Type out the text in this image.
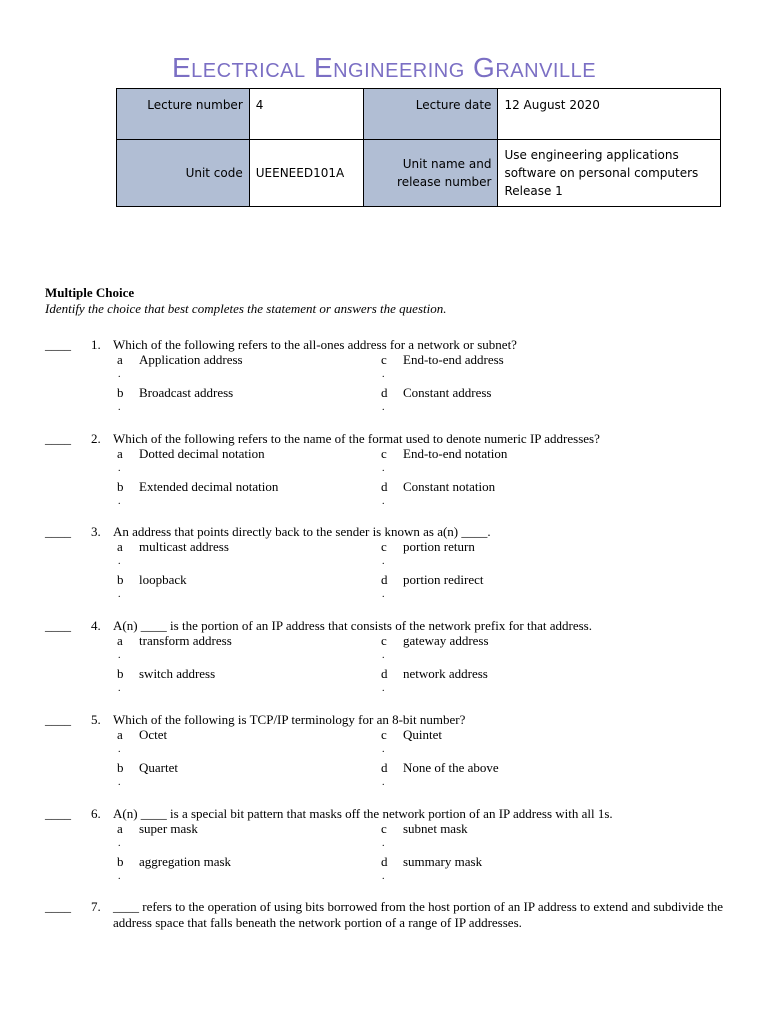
Electrical Engineering Granville
Lecture number	4	Lecture date	12 August 2020
Unit code	UEENEED101A	Unit name and release number	Use engineering applications software on personal computers Release 1
Multiple Choice
Identify the choice that best completes the statement or answers the question.
____ 1. Which of the following refers to the all-ones address for a network or subnet?
a
.
Application address
b
.
Broadcast address
c
.
End-to-end address
d
.
Constant address
____ 2. Which of the following refers to the name of the format used to denote numeric IP addresses?
a
.
Dotted decimal notation
b
.
Extended decimal notation
c
.
End-to-end notation
d
.
Constant notation
____ 3. An address that points directly back to the sender is known as a(n) ____.
a
.
multicast address
b
.
loopback
c
.
portion return
d
.
portion redirect
____ 4. A(n) ____ is the portion of an IP address that consists of the network prefix for that address.
a
.
transform address
b
.
switch address
c
.
gateway address
d
.
network address
____ 5. Which of the following is TCP/IP terminology for an 8-bit number?
a
.
Octet
b
.
Quartet
c
.
Quintet
d
.
None of the above
____ 6. A(n) ____ is a special bit pattern that masks off the network portion of an IP address with all 1s.
a
.
super mask
b
.
aggregation mask
c
.
subnet mask
d
.
summary mask
____ 7. ____ refers to the operation of using bits borrowed from the host portion of an IP address to extend and subdivide the address space that falls beneath the network portion of a range of IP addresses.
